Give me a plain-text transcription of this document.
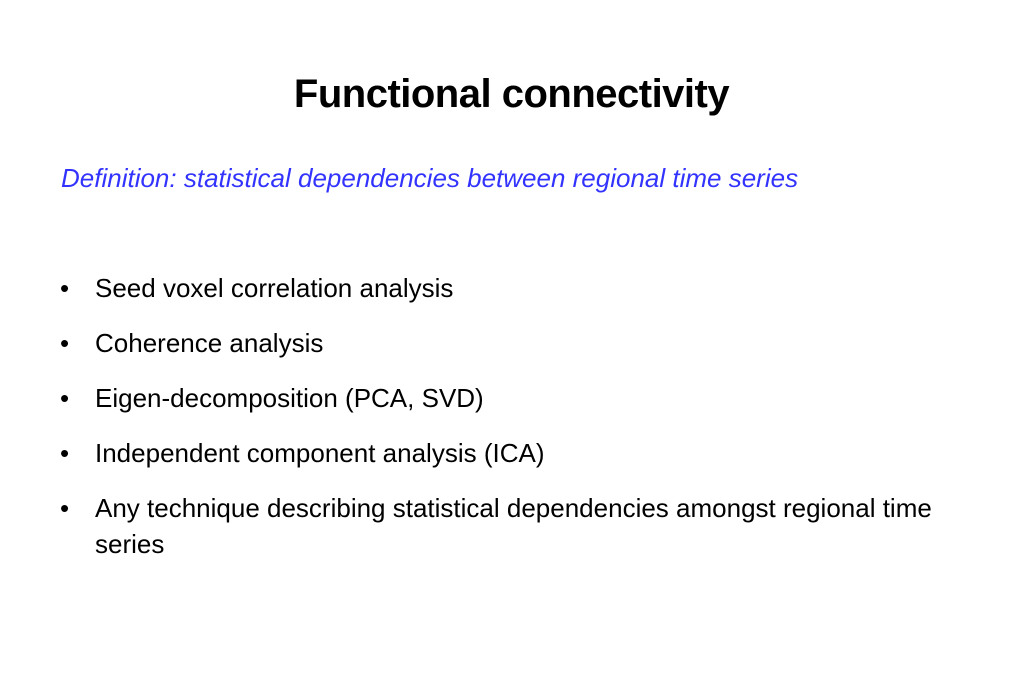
Functional connectivity
Definition: statistical dependencies between regional time series
• Seed voxel correlation analysis
• Coherence analysis
• Eigen-decomposition (PCA, SVD)
• Independent component analysis (ICA)
• Any technique describing statistical dependencies amongst regional time series
